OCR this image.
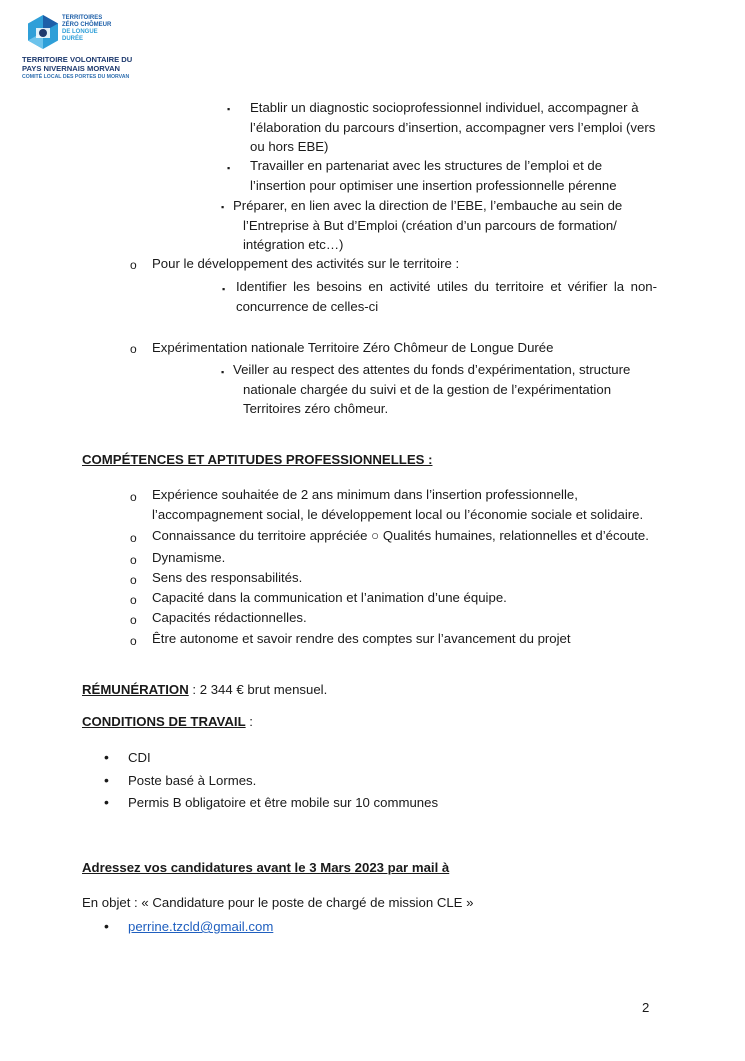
TERRITOIRES
ZÉRO CHÔMEUR
DE LONGUE
DURÉE
TERRITOIRE VOLONTAIRE DU
PAYS NIVERNAIS MORVAN
COMITÉ LOCAL DES PORTES DU MORVAN
▪ Etablir un diagnostic socioprofessionnel individuel, accompagner à
l’élaboration du parcours d’insertion, accompagner vers l’emploi (vers
ou hors EBE)
▪ Travailler en partenariat avec les structures de l’emploi et de
l’insertion pour optimiser une insertion professionnelle pérenne
▪ Préparer, en lien avec la direction de l’EBE, l’embauche au sein de
l’Entreprise à But d’Emploi (création d’un parcours de formation/
intégration etc…)
o Pour le développement des activités sur le territoire :
▪ Identifier les besoins en activité utiles du territoire et vérifier la non-
concurrence de celles-ci
o Expérimentation nationale Territoire Zéro Chômeur de Longue Durée
▪ Veiller au respect des attentes du fonds d’expérimentation, structure
nationale chargée du suivi et de la gestion de l’expérimentation
Territoires zéro chômeur.
COMPÉTENCES ET APTITUDES PROFESSIONNELLES :
o Expérience souhaitée de 2 ans minimum dans l’insertion professionnelle,
l’accompagnement social, le développement local ou l’économie sociale et solidaire.
o Connaissance du territoire appréciée ○ Qualités humaines, relationnelles et d’écoute.
o Dynamisme.
o Sens des responsabilités.
o Capacité dans la communication et l’animation d’une équipe.
o Capacités rédactionnelles.
o Être autonome et savoir rendre des comptes sur l’avancement du projet
RÉMUNÉRATION : 2 344 € brut mensuel.
CONDITIONS DE TRAVAIL :
• CDI
• Poste basé à Lormes.
• Permis B obligatoire et être mobile sur 10 communes
Adressez vos candidatures avant le 3 Mars 2023 par mail à
En objet : « Candidature pour le poste de chargé de mission CLE »
• perrine.tzcld@gmail.com
2
